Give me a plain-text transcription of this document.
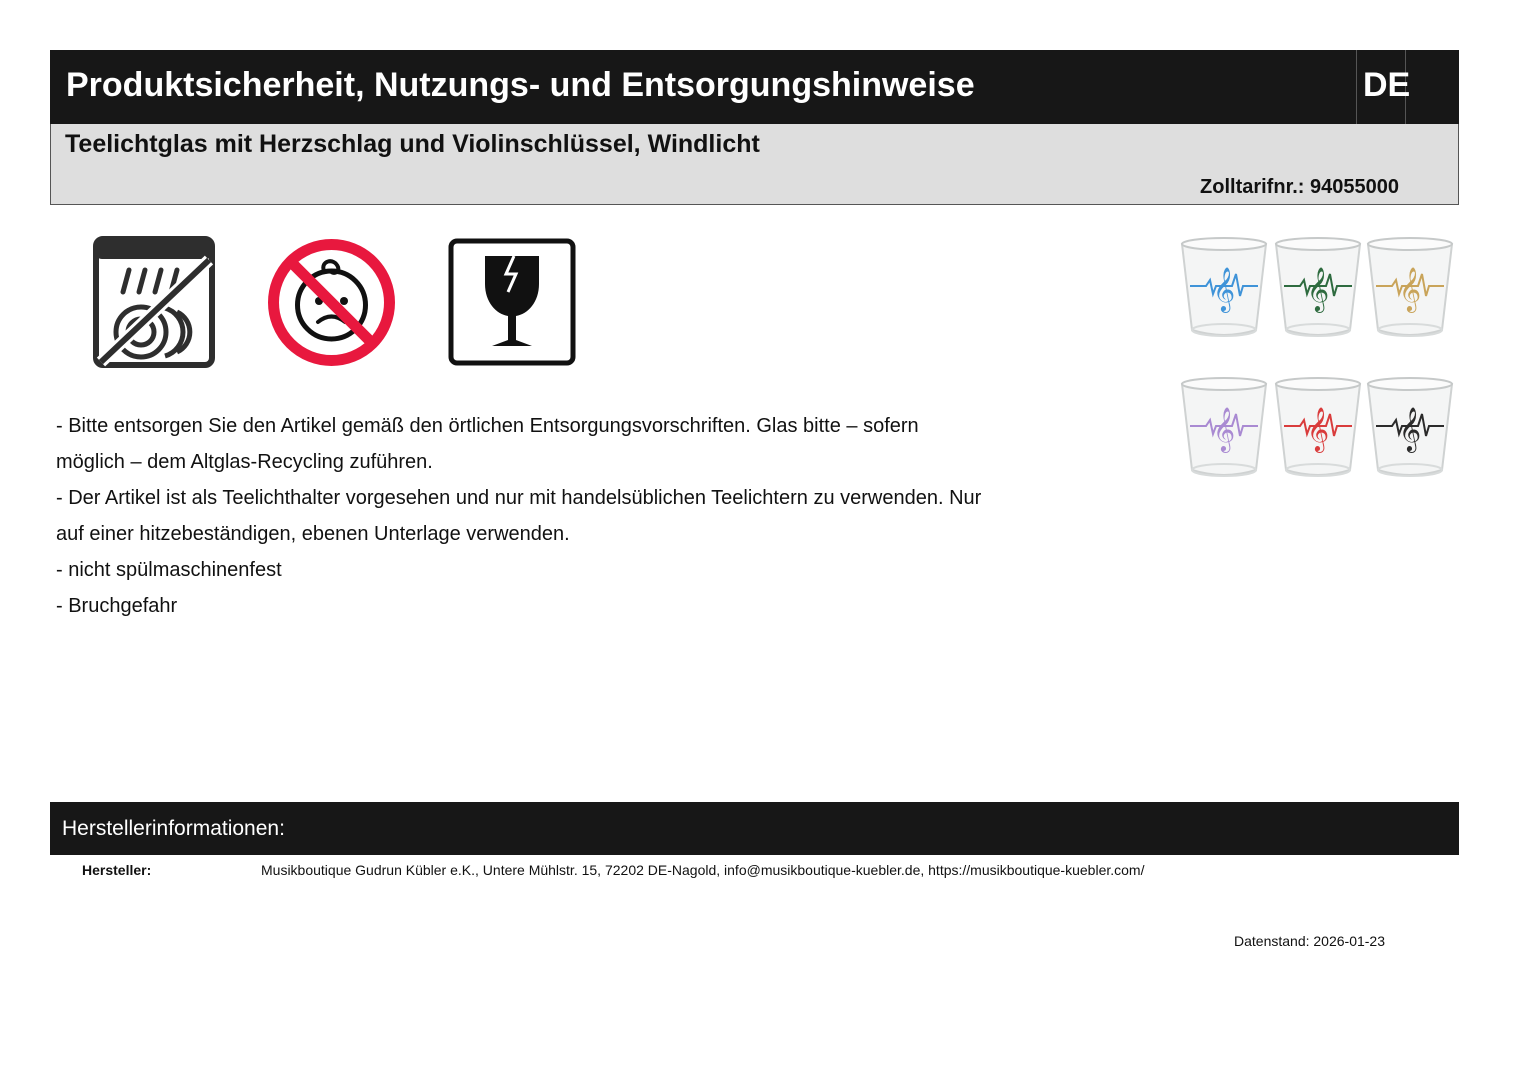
Produktsicherheit, Nutzungs- und Entsorgungshinweise	DE
Teelichtglas mit Herzschlag und Violinschlüssel, Windlicht
Zolltarifnr.: 94055000
𝄞 𝄞 𝄞
𝄞 𝄞 𝄞
- Bitte entsorgen Sie den Artikel gemäß den örtlichen Entsorgungsvorschriften. Glas bitte – sofern
möglich – dem Altglas-Recycling zuführen.
- Der Artikel ist als Teelichthalter vorgesehen und nur mit handelsüblichen Teelichtern zu verwenden. Nur
auf einer hitzebeständigen, ebenen Unterlage verwenden.
- nicht spülmaschinenfest
- Bruchgefahr
Herstellerinformationen:
Hersteller:	Musikboutique Gudrun Kübler e.K., Untere Mühlstr. 15, 72202 DE-Nagold, info@musikboutique-kuebler.de, https://musikboutique-kuebler.com/
Datenstand: 2026-01-23
